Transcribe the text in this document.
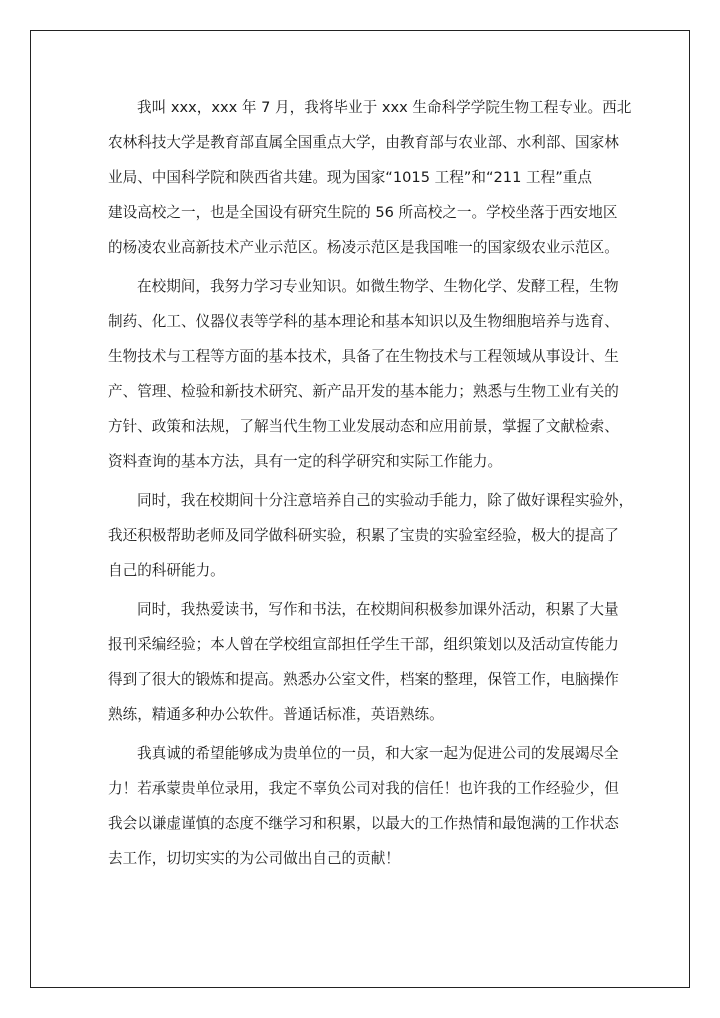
我叫 xxx，xxx 年 7 月，我将毕业于 xxx 生命科学学院生物工程专业。西北
农林科技大学是教育部直属全国重点大学，由教育部与农业部、水利部、国家林
业局、中国科学院和陕西省共建。现为国家“1015 工程”和“211 工程”重点
建设高校之一，也是全国设有研究生院的 56 所高校之一。学校坐落于西安地区
的杨凌农业高新技术产业示范区。杨凌示范区是我国唯一的国家级农业示范区。
在校期间，我努力学习专业知识。如微生物学、生物化学、发酵工程，生物
制药、化工、仪器仪表等学科的基本理论和基本知识以及生物细胞培养与选育、
生物技术与工程等方面的基本技术，具备了在生物技术与工程领域从事设计、生
产、管理、检验和新技术研究、新产品开发的基本能力；熟悉与生物工业有关的
方针、政策和法规，了解当代生物工业发展动态和应用前景，掌握了文献检索、
资料查询的基本方法，具有一定的科学研究和实际工作能力。
同时，我在校期间十分注意培养自己的实验动手能力，除了做好课程实验外，
我还积极帮助老师及同学做科研实验，积累了宝贵的实验室经验，极大的提高了
自己的科研能力。
同时，我热爱读书，写作和书法，在校期间积极参加课外活动，积累了大量
报刊采编经验；本人曾在学校组宣部担任学生干部，组织策划以及活动宣传能力
得到了很大的锻炼和提高。熟悉办公室文件，档案的整理，保管工作，电脑操作
熟练，精通多种办公软件。普通话标准，英语熟练。
我真诚的希望能够成为贵单位的一员，和大家一起为促进公司的发展竭尽全
力！若承蒙贵单位录用，我定不辜负公司对我的信任！也许我的工作经验少，但
我会以谦虚谨慎的态度不继学习和积累，以最大的工作热情和最饱满的工作状态
去工作，切切实实的为公司做出自己的贡献！
